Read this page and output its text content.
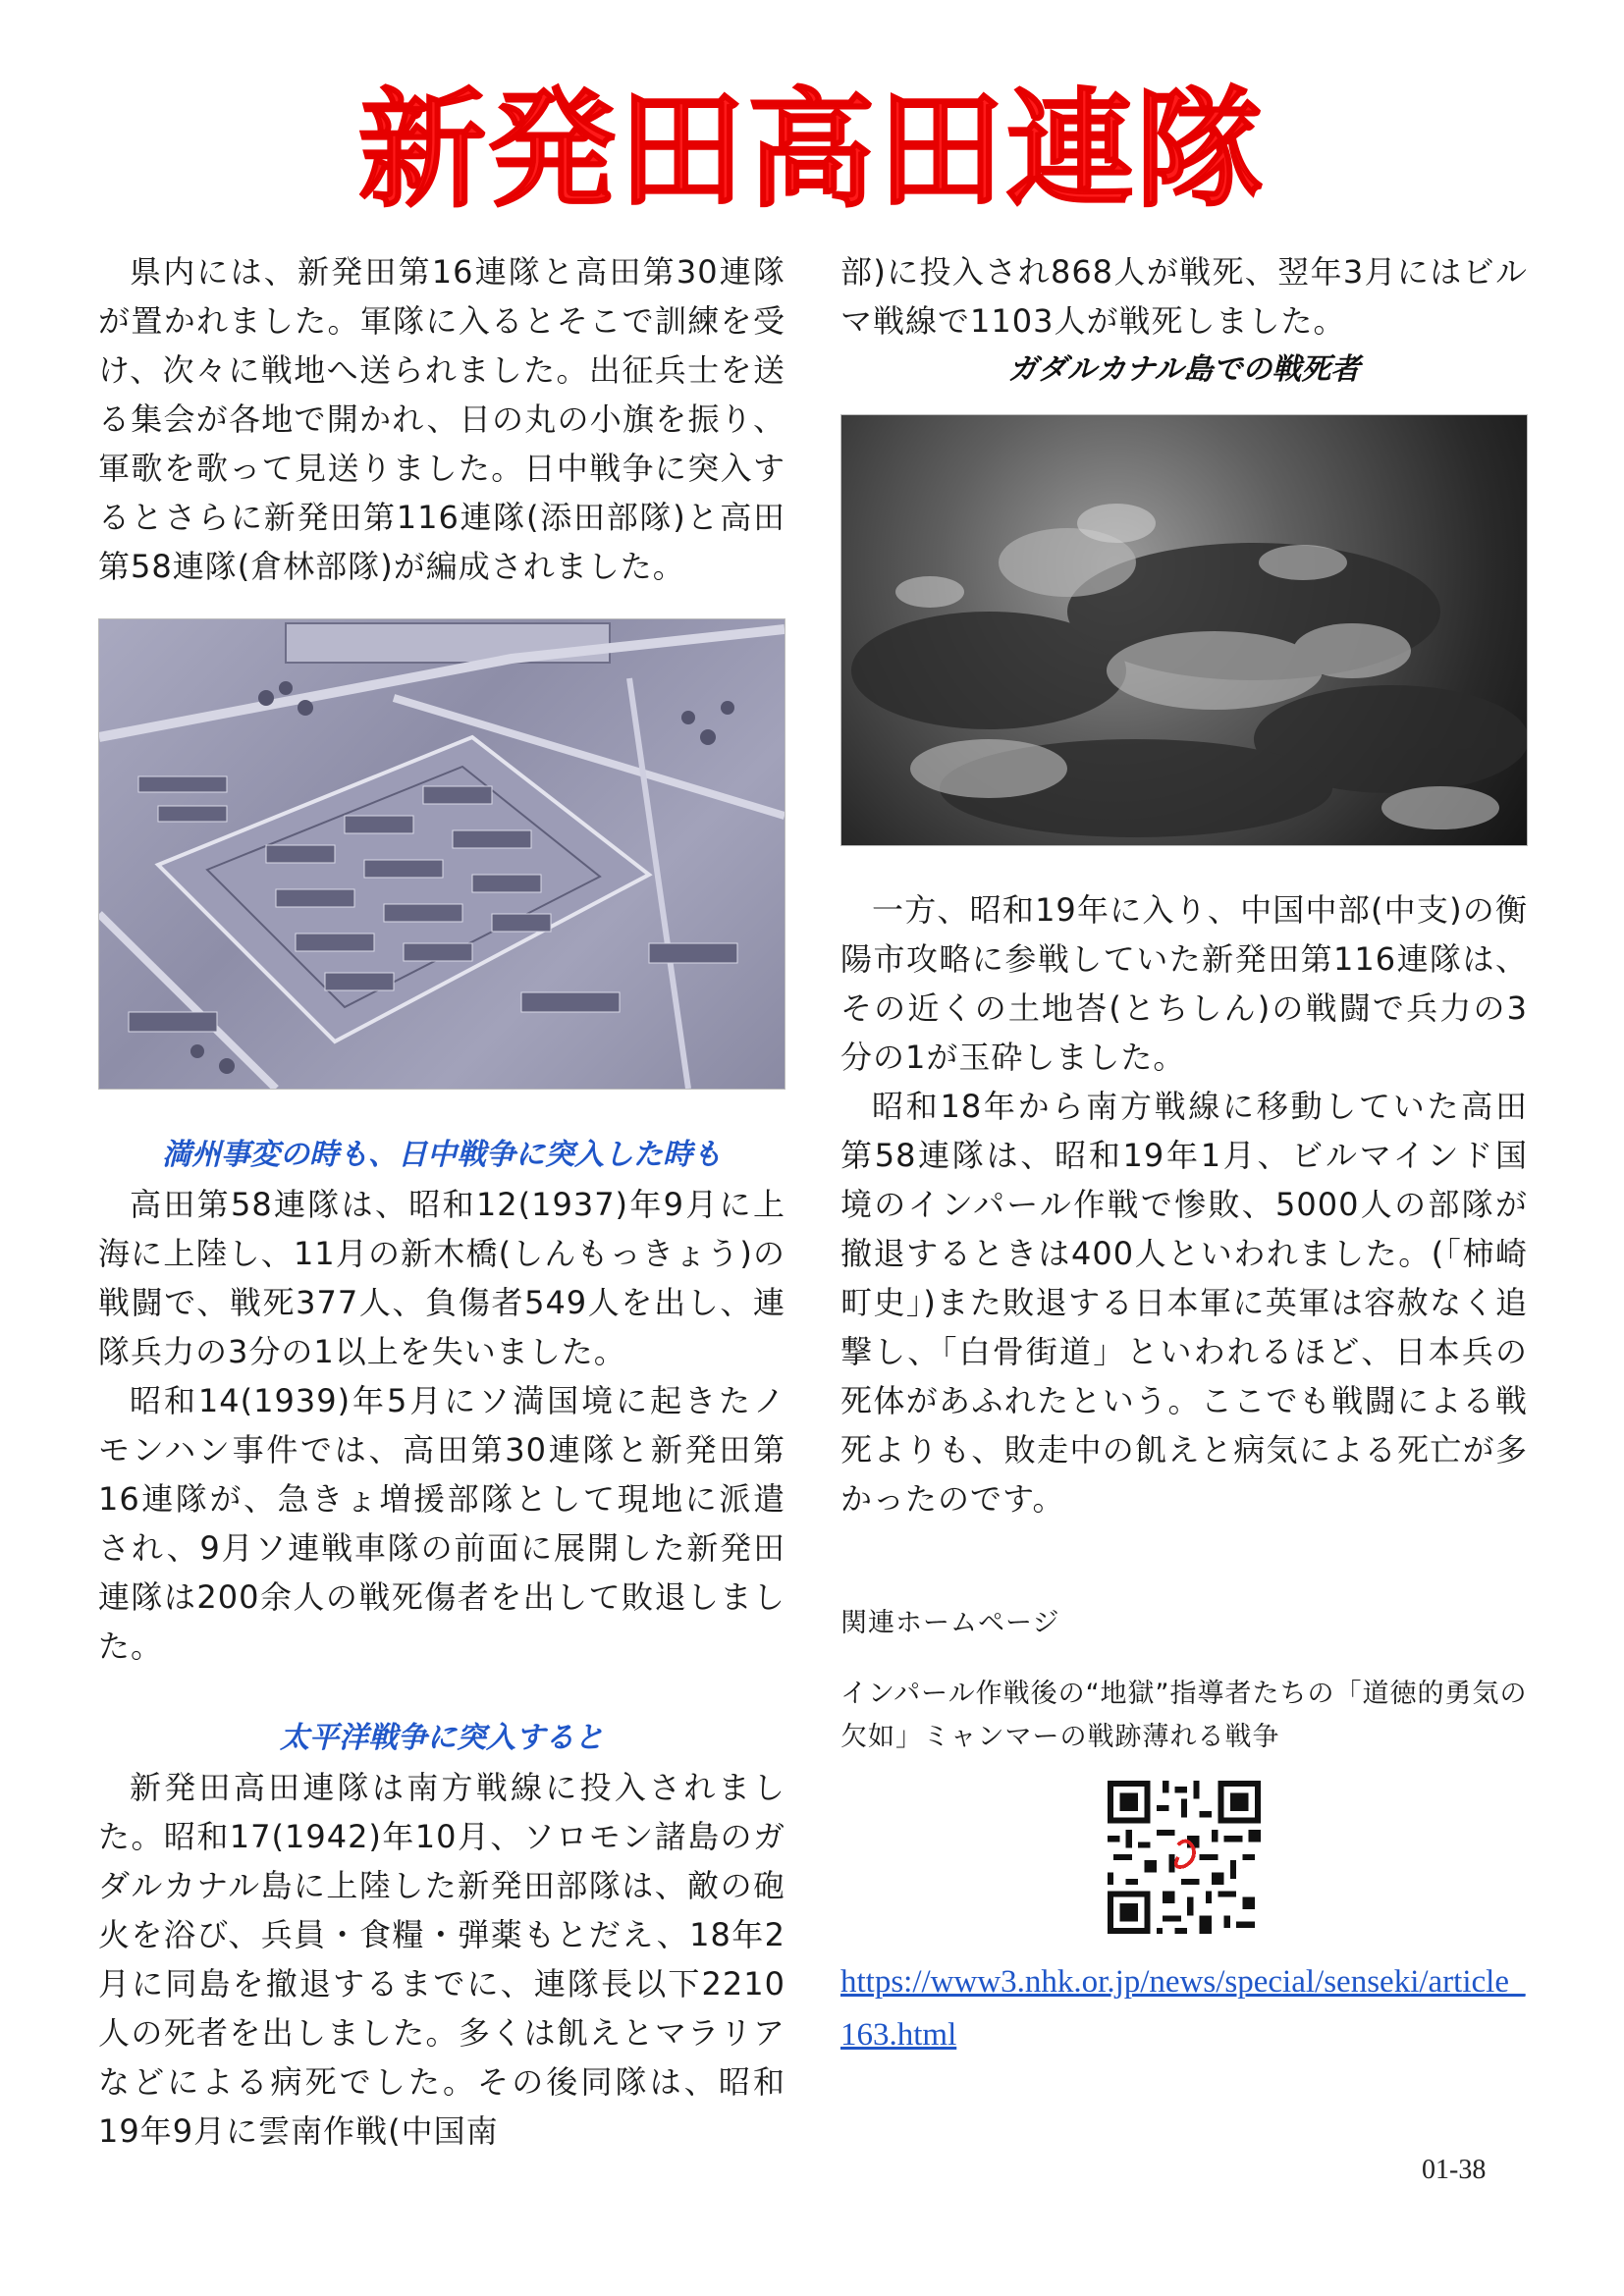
新発田高田連隊

県内には、新発田第16連隊と高田第30連隊が置かれました。軍隊に入るとそこで訓練を受け、次々に戦地へ送られました。出征兵士を送る集会が各地で開かれ、日の丸の小旗を振り、軍歌を歌って見送りました。日中戦争に突入するとさらに新発田第116連隊(添田部隊)と高田第58連隊(倉林部隊)が編成されました。

満州事変の時も、日中戦争に突入した時も

高田第58連隊は、昭和12(1937)年9月に上海に上陸し、11月の新木橋(しんもっきょう)の戦闘で、戦死377人、負傷者549人を出し、連隊兵力の3分の1以上を失いました。

昭和14(1939)年5月にソ満国境に起きたノモンハン事件では、高田第30連隊と新発田第16連隊が、急きょ増援部隊として現地に派遣され、9月ソ連戦車隊の前面に展開した新発田連隊は200余人の戦死傷者を出して敗退しました。

太平洋戦争に突入すると

新発田高田連隊は南方戦線に投入されました。昭和17(1942)年10月、ソロモン諸島のガダルカナル島に上陸した新発田部隊は、敵の砲火を浴び、兵員・食糧・弾薬もとだえ、18年2月に同島を撤退するまでに、連隊長以下2210人の死者を出しました。多くは飢えとマラリアなどによる病死でした。その後同隊は、昭和19年9月に雲南作戦(中国南

部)に投入され868人が戦死、翌年3月にはビルマ戦線で1103人が戦死しました。

ガダルカナル島での戦死者

一方、昭和19年に入り、中国中部(中支)の衡陽市攻略に参戦していた新発田第116連隊は、その近くの土地峇(とちしん)の戦闘で兵力の3分の1が玉砕しました。

昭和18年から南方戦線に移動していた高田第58連隊は、昭和19年1月、ビルマインド国境のインパール作戦で惨敗、5000人の部隊が撤退するときは400人といわれました。(「柿崎町史」)また敗退する日本軍に英軍は容赦なく追撃し、「白骨街道」といわれるほど、日本兵の死体があふれたという。ここでも戦闘による戦死よりも、敗走中の飢えと病気による死亡が多かったのです。

関連ホームページ

インパール作戦後の“地獄”指導者たちの「道徳的勇気の欠如」ミャンマーの戦跡薄れる戦争

https://www3.nhk.or.jp/news/special/senseki/article_163.html

01-38
